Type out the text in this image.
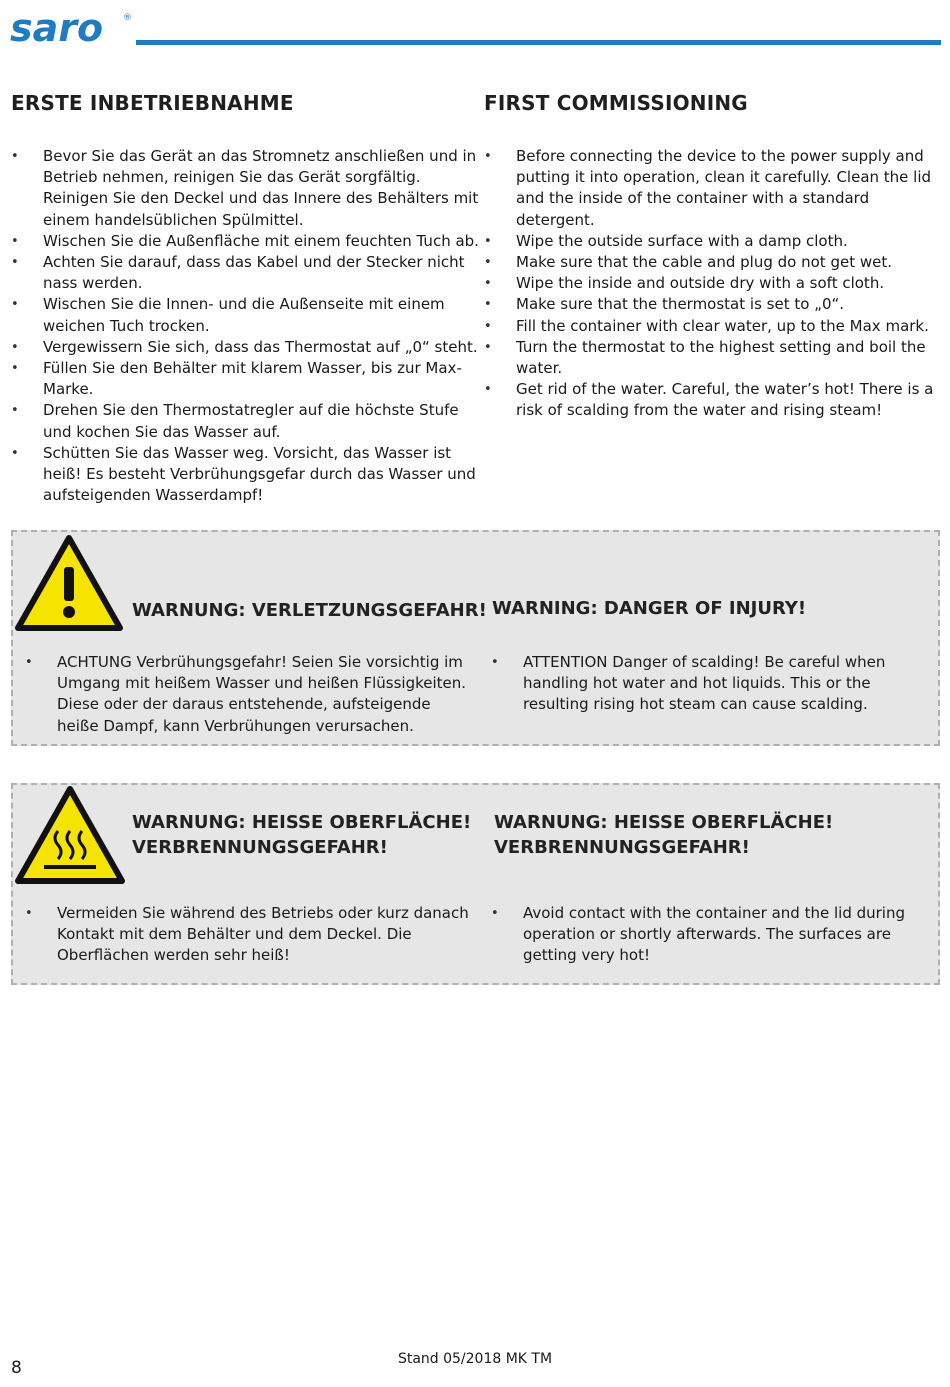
saro ®
ERSTE INBETRIEBNAHME
• Bevor Sie das Gerät an das Stromnetz anschließen und in Betrieb nehmen, reinigen Sie das Gerät sorgfältig. Reinigen Sie den Deckel und das Innere des Behälters mit einem handelsüblichen Spülmittel.
• Wischen Sie die Außenfläche mit einem feuchten Tuch ab.
• Achten Sie darauf, dass das Kabel und der Stecker nicht nass werden.
• Wischen Sie die Innen- und die Außenseite mit einem weichen Tuch trocken.
• Vergewissern Sie sich, dass das Thermostat auf „0“ steht.
• Füllen Sie den Behälter mit klarem Wasser, bis zur Max-Marke.
• Drehen Sie den Thermostatregler auf die höchste Stufe und kochen Sie das Wasser auf.
• Schütten Sie das Wasser weg. Vorsicht, das Wasser ist heiß! Es besteht Verbrühungsgefar durch das Wasser und aufsteigenden Wasserdampf!
FIRST COMMISSIONING
• Before connecting the device to the power supply and putting it into operation, clean it carefully. Clean the lid and the inside of the container with a standard detergent.
• Wipe the outside surface with a damp cloth.
• Make sure that the cable and plug do not get wet.
• Wipe the inside and outside dry with a soft cloth.
• Make sure that the thermostat is set to „0“.
• Fill the container with clear water, up to the Max mark.
• Turn the thermostat to the highest setting and boil the water.
• Get rid of the water. Careful, the water’s hot! There is a risk of scalding from the water and rising steam!
WARNUNG: VERLETZUNGSGEFAHR! WARNING: DANGER OF INJURY!
• ACHTUNG Verbrühungsgefahr! Seien Sie vorsichtig im Umgang mit heißem Wasser und heißen Flüssigkeiten. Diese oder der daraus entstehende, aufsteigende heiße Dampf, kann Verbrühungen verursachen.
• ATTENTION Danger of scalding! Be careful when handling hot water and hot liquids. This or the resulting rising hot steam can cause scalding.
WARNUNG: HEISSE OBERFLÄCHE!
VERBRENNUNGSGEFAHR!
WARNUNG: HEISSE OBERFLÄCHE!
VERBRENNUNGSGEFAHR!
• Vermeiden Sie während des Betriebs oder kurz danach Kontakt mit dem Behälter und dem Deckel. Die Oberflächen werden sehr heiß!
• Avoid contact with the container and the lid during operation or shortly afterwards. The surfaces are getting very hot!
Stand 05/2018 MK TM
8
